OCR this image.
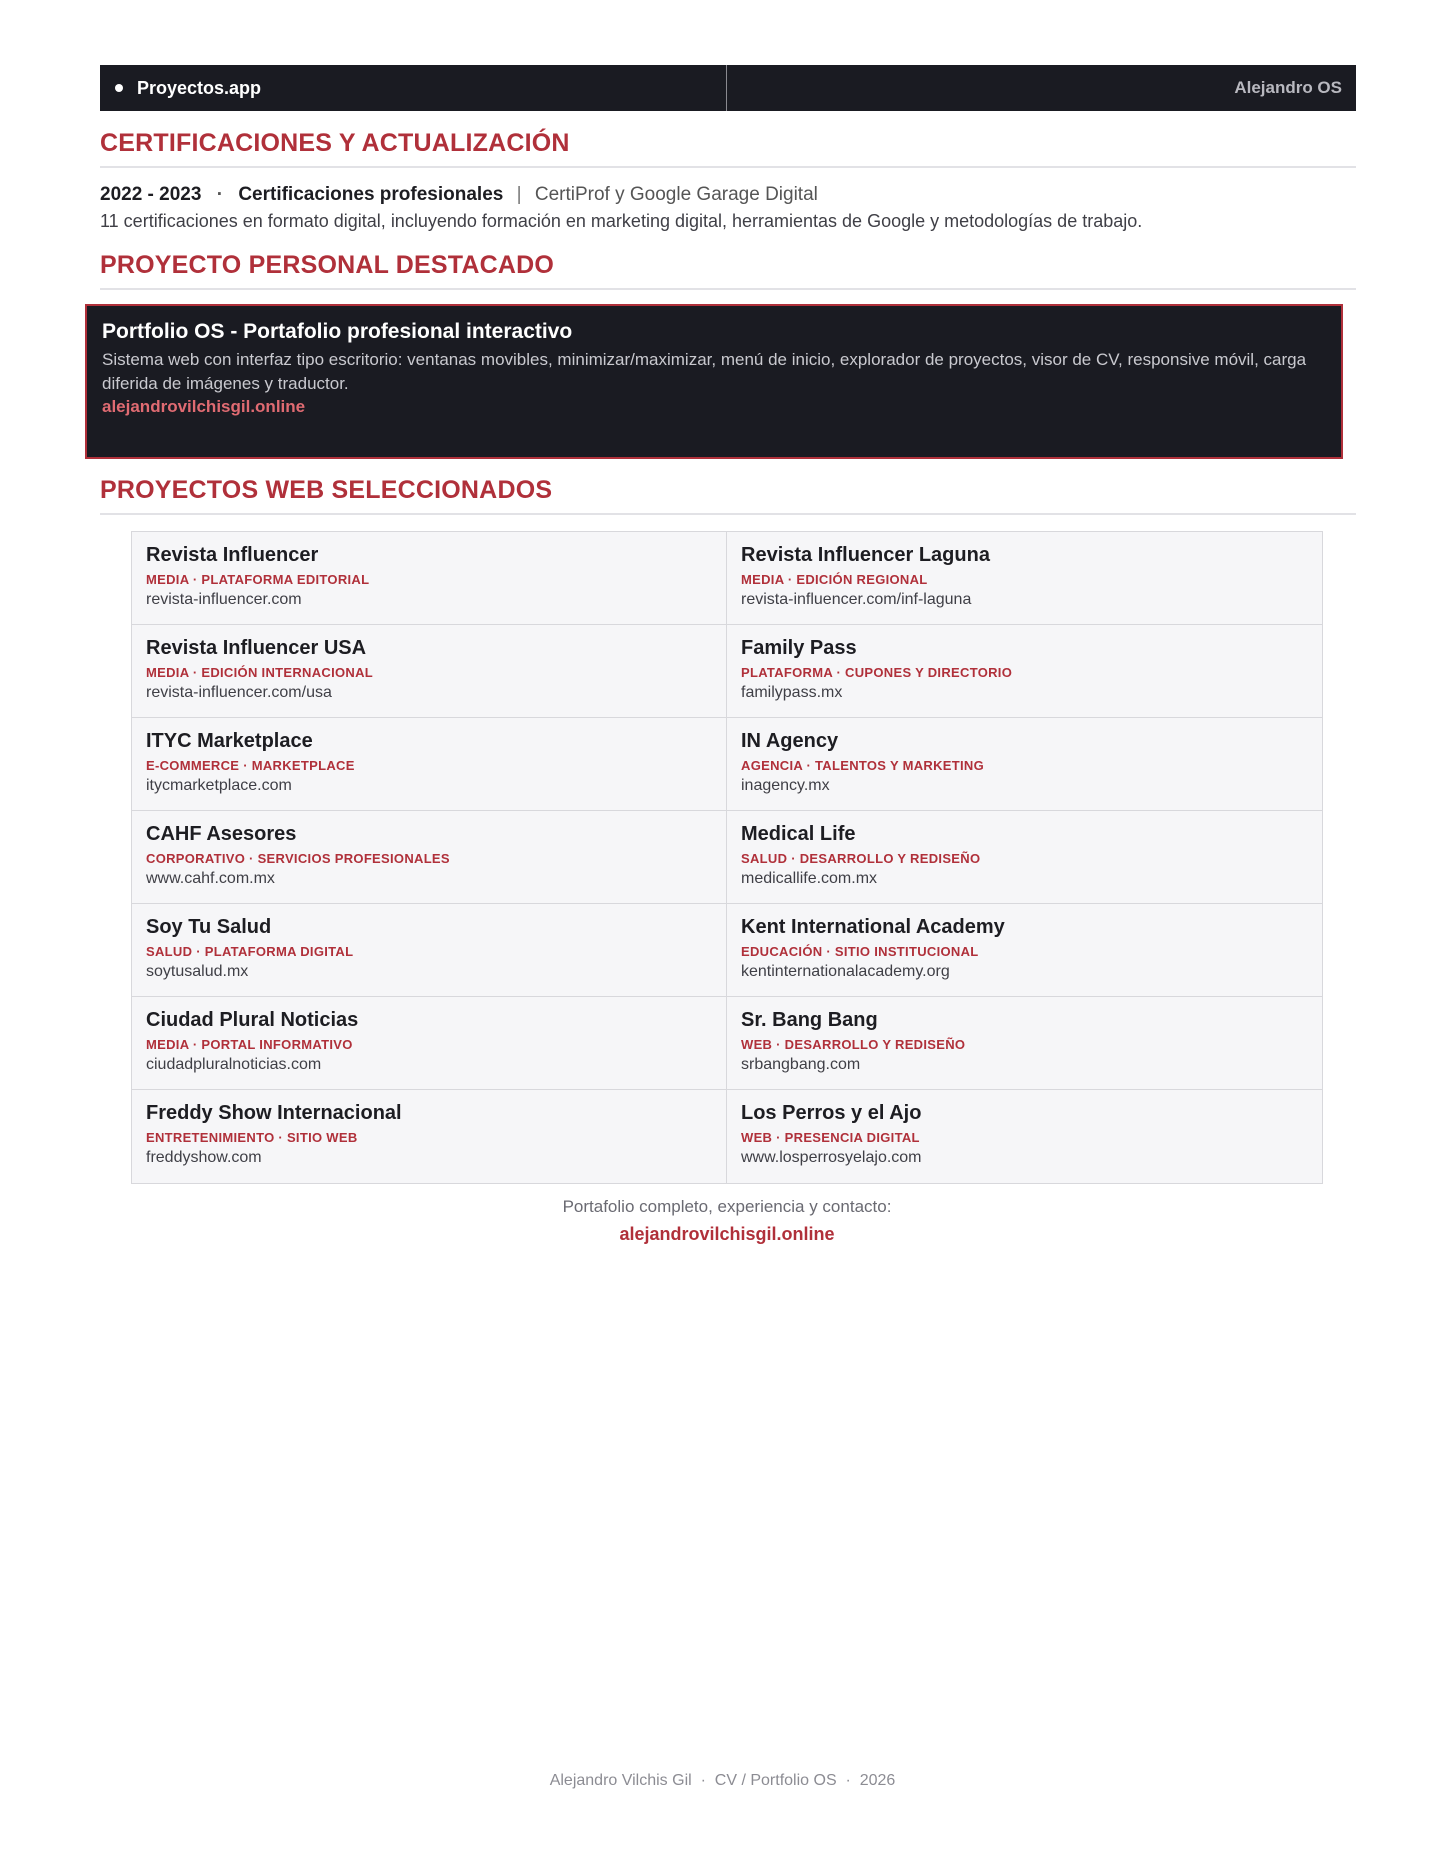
Proyectos.app	Alejandro OS
CERTIFICACIONES Y ACTUALIZACIÓN
2022 - 2023 · Certificaciones profesionales | CertiProf y Google Garage Digital
11 certificaciones en formato digital, incluyendo formación en marketing digital, herramientas de Google y metodologías de trabajo.
PROYECTO PERSONAL DESTACADO
Portfolio OS - Portafolio profesional interactivo
Sistema web con interfaz tipo escritorio: ventanas movibles, minimizar/maximizar, menú de inicio, explorador de proyectos, visor de CV, responsive móvil, carga diferida de imágenes y traductor.
alejandrovilchisgil.online
PROYECTOS WEB SELECCIONADOS
Revista Influencer
MEDIA · PLATAFORMA EDITORIAL
revista-influencer.com
Revista Influencer Laguna
MEDIA · EDICIÓN REGIONAL
revista-influencer.com/inf-laguna
Revista Influencer USA
MEDIA · EDICIÓN INTERNACIONAL
revista-influencer.com/usa
Family Pass
PLATAFORMA · CUPONES Y DIRECTORIO
familypass.mx
ITYC Marketplace
E-COMMERCE · MARKETPLACE
itycmarketplace.com
IN Agency
AGENCIA · TALENTOS Y MARKETING
inagency.mx
CAHF Asesores
CORPORATIVO · SERVICIOS PROFESIONALES
www.cahf.com.mx
Medical Life
SALUD · DESARROLLO Y REDISEÑO
medicallife.com.mx
Soy Tu Salud
SALUD · PLATAFORMA DIGITAL
soytusalud.mx
Kent International Academy
EDUCACIÓN · SITIO INSTITUCIONAL
kentinternationalacademy.org
Ciudad Plural Noticias
MEDIA · PORTAL INFORMATIVO
ciudadpluralnoticias.com
Sr. Bang Bang
WEB · DESARROLLO Y REDISEÑO
srbangbang.com
Freddy Show Internacional
ENTRETENIMIENTO · SITIO WEB
freddyshow.com
Los Perros y el Ajo
WEB · PRESENCIA DIGITAL
www.losperrosyelajo.com
Portafolio completo, experiencia y contacto:
alejandrovilchisgil.online
Alejandro Vilchis Gil  ·  CV / Portfolio OS  ·  2026
